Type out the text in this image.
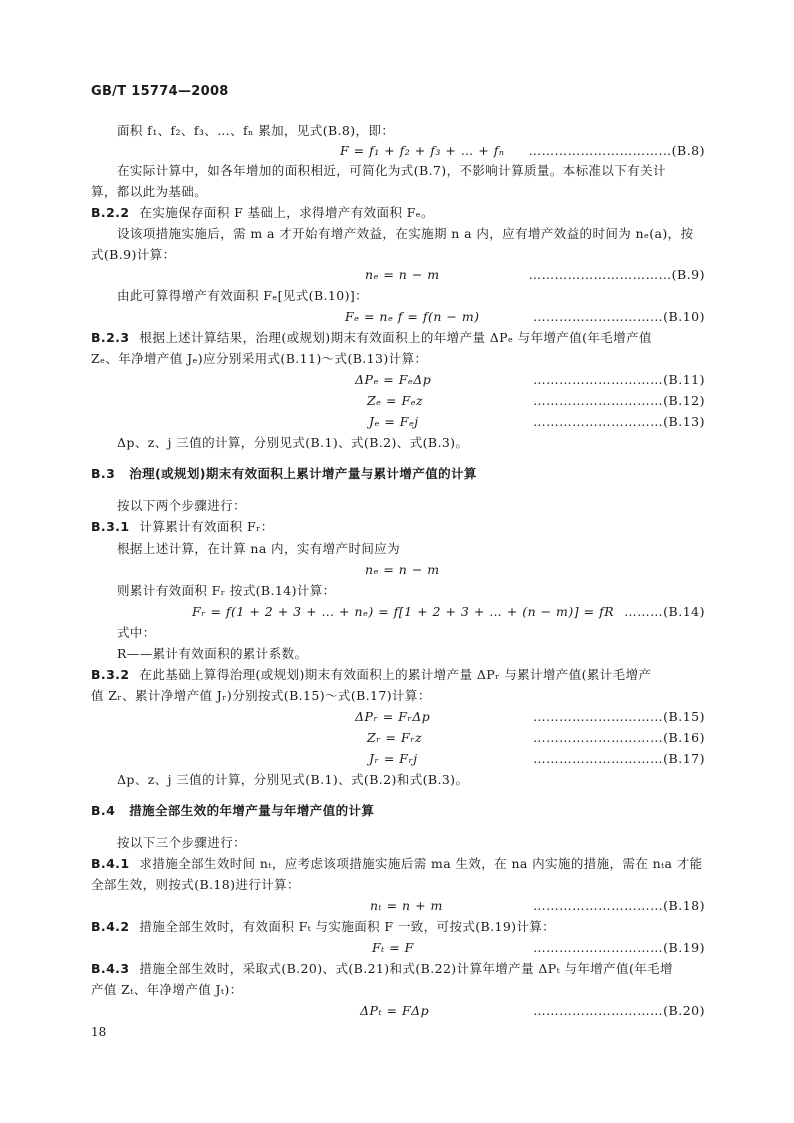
GB/T 15774—2008
面积 f₁、f₂、f₃、…、fₙ 累加，见式(B.8)，即：
F = f₁ + f₂ + f₃ + … + fₙ ……………………………(B.8)
在实际计算中，如各年增加的面积相近，可简化为式(B.7)，不影响计算质量。本标准以下有关计
算，都以此为基础。
B.2.2 在实施保存面积 F 基础上，求得增产有效面积 Fₑ。
设该项措施实施后，需 m a 才开始有增产效益，在实施期 n a 内，应有增产效益的时间为 nₑ(a)，按
式(B.9)计算：
nₑ = n − m	……………………………(B.9)
由此可算得增产有效面积 Fₑ[见式(B.10)]：
Fₑ = nₑ f = f(n − m)	…………………………(B.10)
B.2.3 根据上述计算结果，治理(或规划)期末有效面积上的年增产量 ΔPₑ 与年增产值(年毛增产值
Zₑ、年净增产值 Jₑ)应分别采用式(B.11)～式(B.13)计算：
ΔPₑ = FₑΔp	…………………………(B.11)
Zₑ = Fₑz	…………………………(B.12)
Jₑ = Fₑj	…………………………(B.13)
Δp、z、j 三值的计算，分别见式(B.1)、式(B.2)、式(B.3)。
B.3 治理(或规划)期末有效面积上累计增产量与累计增产值的计算
按以下两个步骤进行：
B.3.1 计算累计有效面积 Fᵣ：
根据上述计算，在计算 na 内，实有增产时间应为
nₑ = n − m
则累计有效面积 Fᵣ 按式(B.14)计算：
Fᵣ = f(1 + 2 + 3 + … + nₑ) = f[1 + 2 + 3 + … + (n − m)] = fR ………(B.14)
式中：
R——累计有效面积的累计系数。
B.3.2 在此基础上算得治理(或规划)期末有效面积上的累计增产量 ΔPᵣ 与累计增产值(累计毛增产
值 Zᵣ、累计净增产值 Jᵣ)分别按式(B.15)～式(B.17)计算：
ΔPᵣ = FᵣΔp	…………………………(B.15)
Zᵣ = Fᵣz	…………………………(B.16)
Jᵣ = Fᵣj	…………………………(B.17)
Δp、z、j 三值的计算，分别见式(B.1)、式(B.2)和式(B.3)。
B.4 措施全部生效的年增产量与年增产值的计算
按以下三个步骤进行：
B.4.1 求措施全部生效时间 nₜ，应考虑该项措施实施后需 ma 生效，在 na 内实施的措施，需在 nₜa 才能
全部生效，则按式(B.18)进行计算：
nₜ = n + m	…………………………(B.18)
B.4.2 措施全部生效时，有效面积 Fₜ 与实施面积 F 一致，可按式(B.19)计算：
Fₜ = F	…………………………(B.19)
B.4.3 措施全部生效时，采取式(B.20)、式(B.21)和式(B.22)计算年增产量 ΔPₜ 与年增产值(年毛增
产值 Zₜ、年净增产值 Jₜ)：
ΔPₜ = FΔp	…………………………(B.20)
18
